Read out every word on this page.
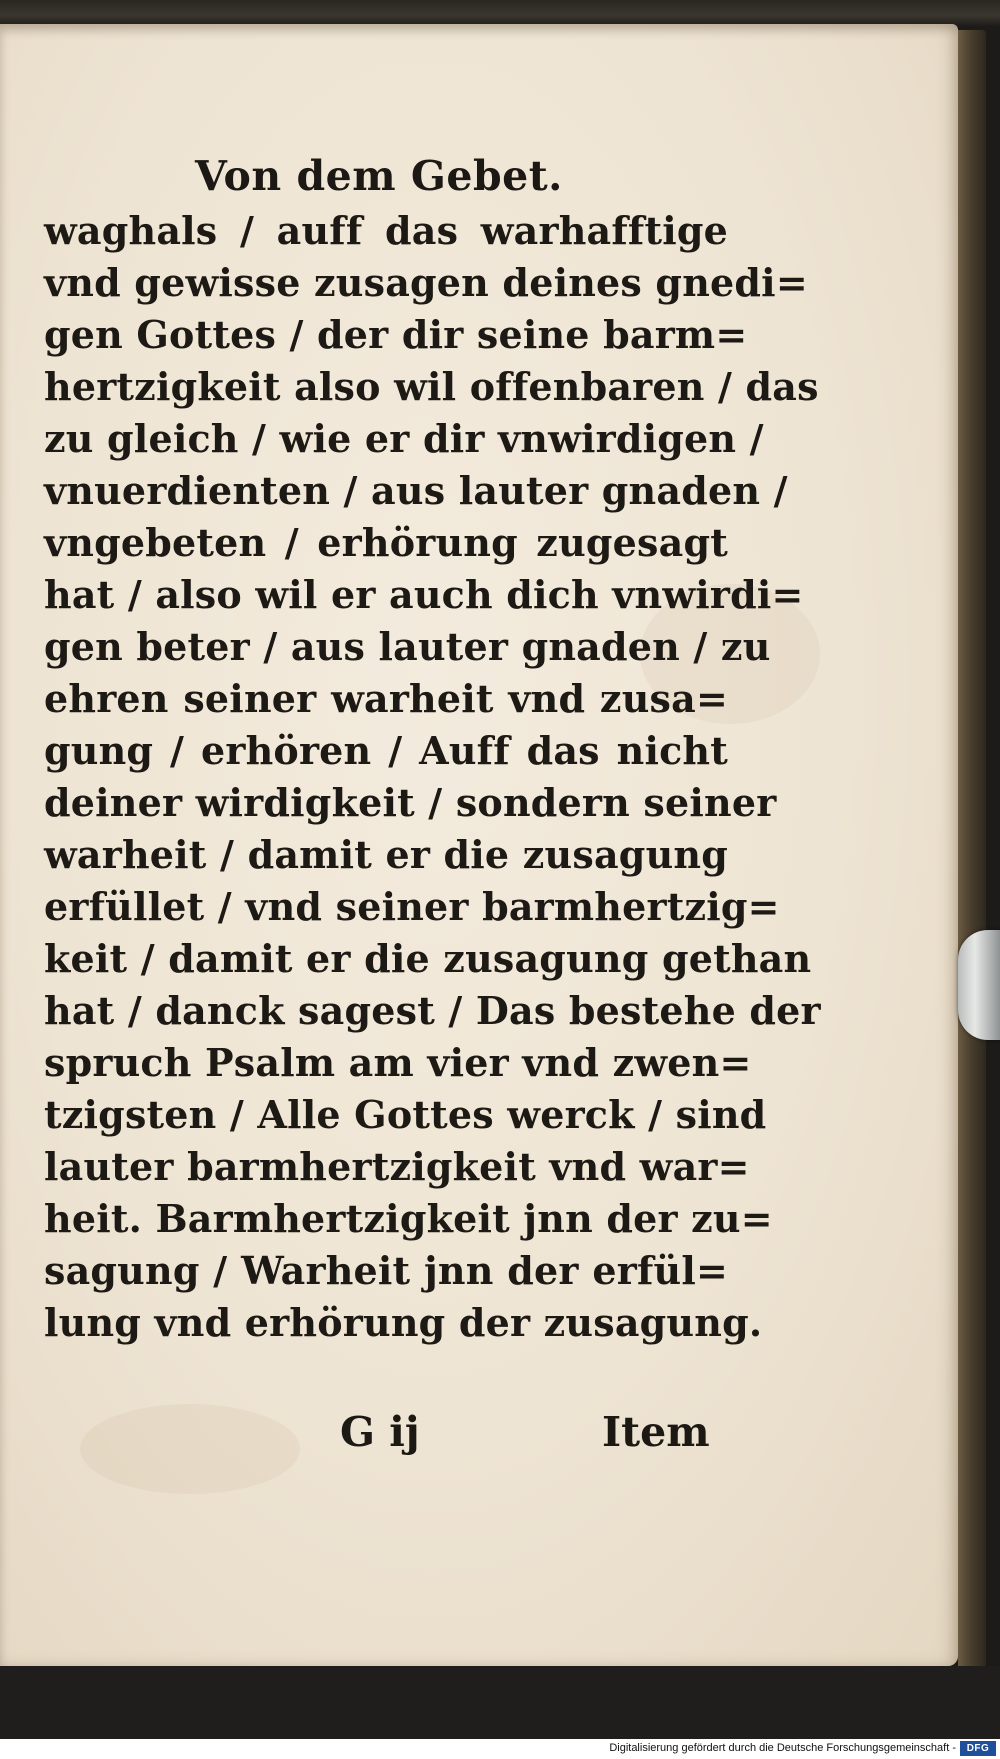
Von dem Gebet.
waghals / auff das warhafftige
vnd gewisse zusagen deines gnedi=
gen Gottes / der dir seine barm=
hertzigkeit also wil offenbaren / das
zu gleich / wie er dir vnwirdigen /
vnuerdienten / aus lauter gnaden /
vngebeten / erhörung zugesagt
hat / also wil er auch dich vnwirdi=
gen beter / aus lauter gnaden / zu
ehren seiner warheit vnd zusa=
gung / erhören / Auff das nicht
deiner wirdigkeit / sondern seiner
warheit / damit er die zusagung
erfüllet / vnd seiner barmhertzig=
keit / damit er die zusagung gethan
hat / danck sagest / Das bestehe der
spruch Psalm am vier vnd zwen=
tzigsten / Alle Gottes werck / sind
lauter barmhertzigkeit vnd war=
heit. Barmhertzigkeit jnn der zu=
sagung / Warheit jnn der erfül=
lung vnd erhörung der zusagung.
G ij	Item
Digitalisierung gefördert durch die Deutsche Forschungsgemeinschaft -	DFG
